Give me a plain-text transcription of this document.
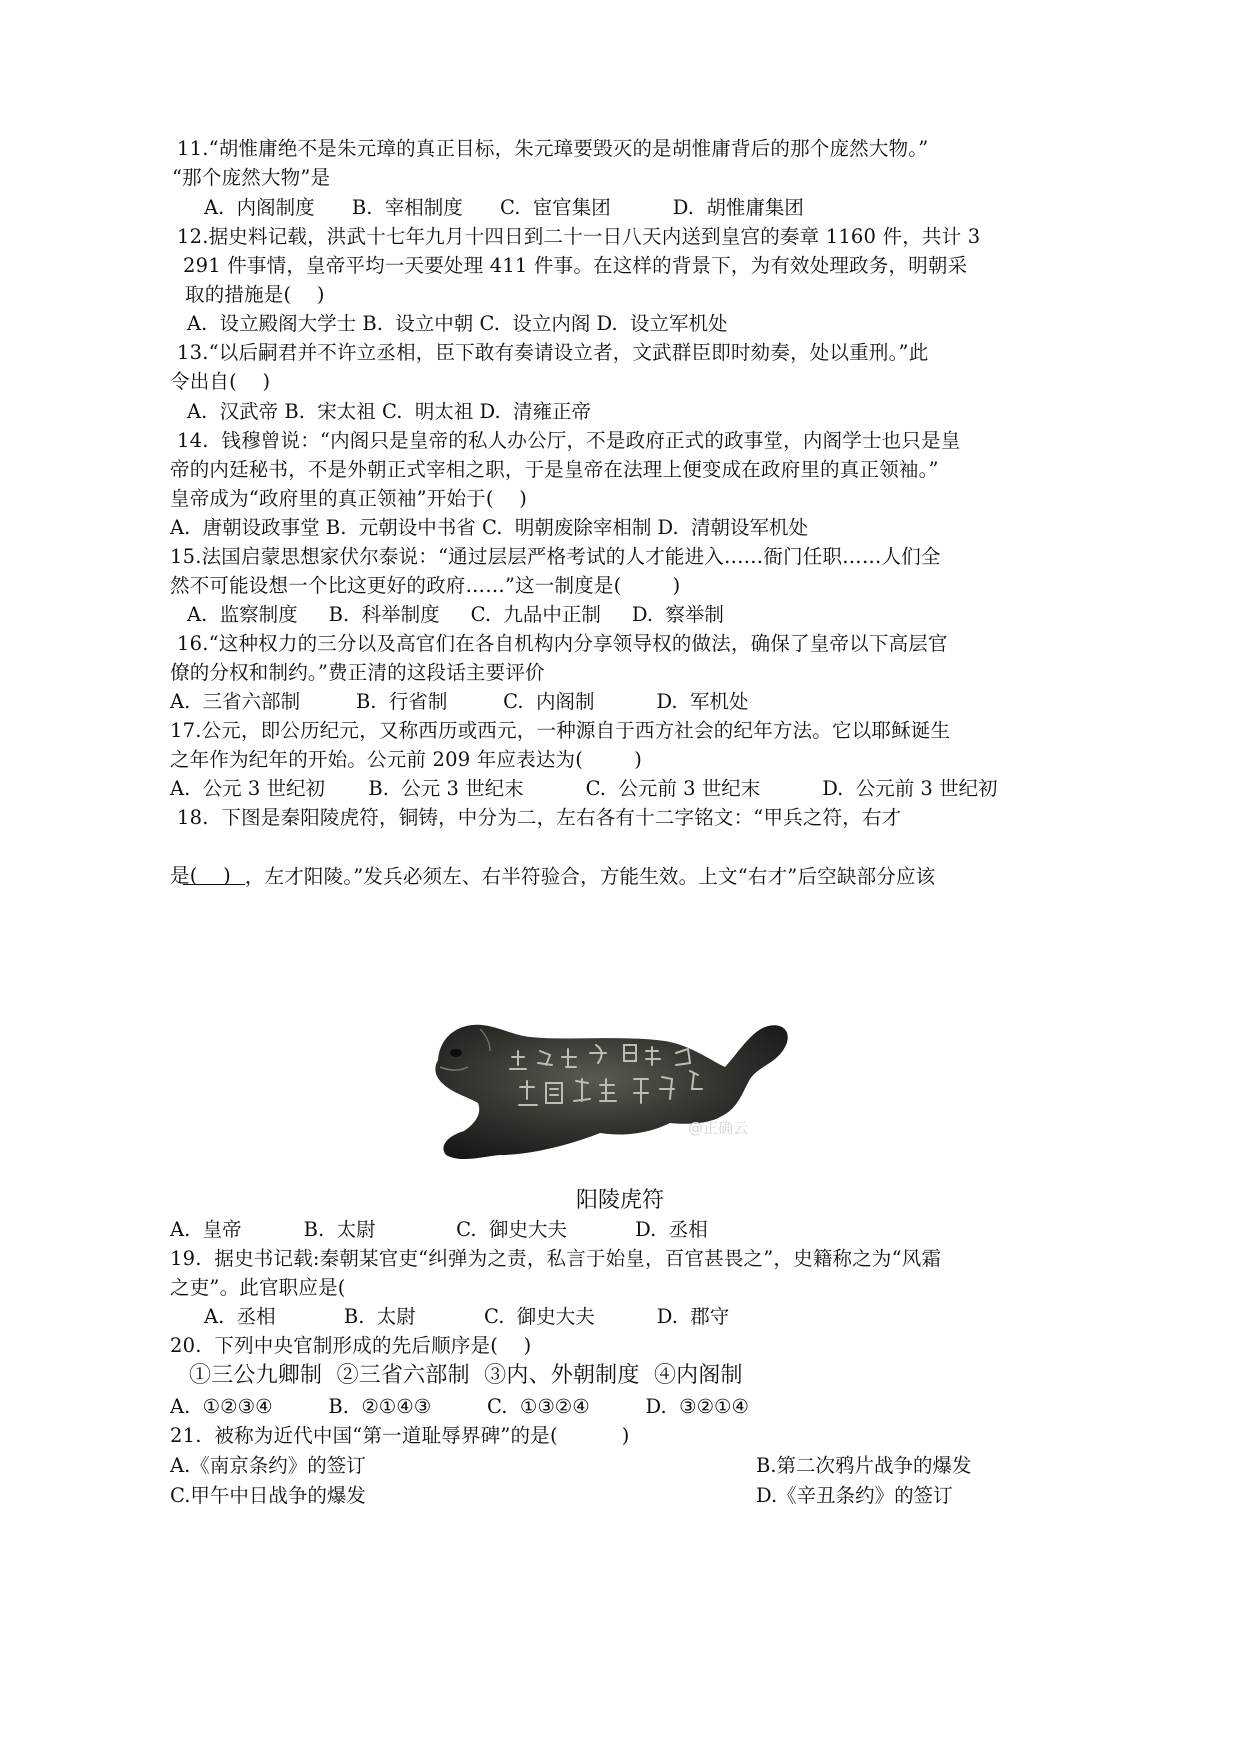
11.“胡惟庸绝不是朱元璋的真正目标，朱元璋要毁灭的是胡惟庸背后的那个庞然大物。”
“那个庞然大物”是
A.  内阁制度      B.  宰相制度      C.  宦官集团          D.  胡惟庸集团
12.据史料记载，洪武十七年九月十四日到二十一日八天内送到皇宫的奏章 1160 件，共计 3
291 件事情，皇帝平均一天要处理 411 件事。在这样的背景下，为有效处理政务，明朝采
取的措施是(    )
A.  设立殿阁大学士 B.  设立中朝 C.  设立内阁 D.  设立军机处
13.“以后嗣君并不许立丞相，臣下敢有奏请设立者，文武群臣即时劾奏，处以重刑。”此
令出自(    )
A.  汉武帝 B.  宋太祖 C.  明太祖 D.  清雍正帝
14.  钱穆曾说：“内阁只是皇帝的私人办公厅，不是政府正式的政事堂，内阁学士也只是皇
帝的内廷秘书，不是外朝正式宰相之职，于是皇帝在法理上便变成在政府里的真正领袖。”
皇帝成为“政府里的真正领袖”开始于(    )
A.  唐朝设政事堂 B.  元朝设中书省 C.  明朝废除宰相制 D.  清朝设军机处
15.法国启蒙思想家伏尔泰说：“通过层层严格考试的人才能进入……衙门任职……人们全
然不可能设想一个比这更好的政府……”这一制度是(        )
A.  监察制度     B.  科举制度     C.  九品中正制     D.  察举制
16.“这种权力的三分以及高官们在各自机构内分享领导权的做法，确保了皇帝以下高层官
僚的分权和制约。”费正清的这段话主要评价
A.  三省六部制         B.  行省制         C.  内阁制          D.  军机处
17.公元，即公历纪元，又称西历或西元，一种源自于西方社会的纪年方法。它以耶稣诞生
之年作为纪年的开始。公元前 209 年应表达为(        )
A.  公元 3 世纪初       B.  公元 3 世纪末          C.  公元前 3 世纪末          D.  公元前 3 世纪初
18.  下图是秦阳陵虎符，铜铸，中分为二，左右各有十二字铭文：“甲兵之符，右才

，左才阳陵。”发兵必须左、右半符验合，方能生效。上文“右才”后空缺部分应该

是(    )
@正确云
阳陵虎符
A.  皇帝          B.  太尉             C.  御史大夫           D.  丞相
19.  据史书记载:秦朝某官吏“纠弹为之责，私言于始皇，百官甚畏之”，史籍称之为“风霜
之吏”。此官职应是(
A.  丞相           B.  太尉           C.  御史大夫          D.  郡守
20.  下列中央官制形成的先后顺序是(    )
①三公九卿制  ②三省六部制  ③内、外朝制度  ④内阁制
A.  ①②③④         B.  ②①④③         C.  ①③②④         D.  ③②①④
21.  被称为近代中国“第一道耻辱界碑”的是(          )
A.《南京条约》的签订	B.第二次鸦片战争的爆发
C.甲午中日战争的爆发	D.《辛丑条约》的签订
